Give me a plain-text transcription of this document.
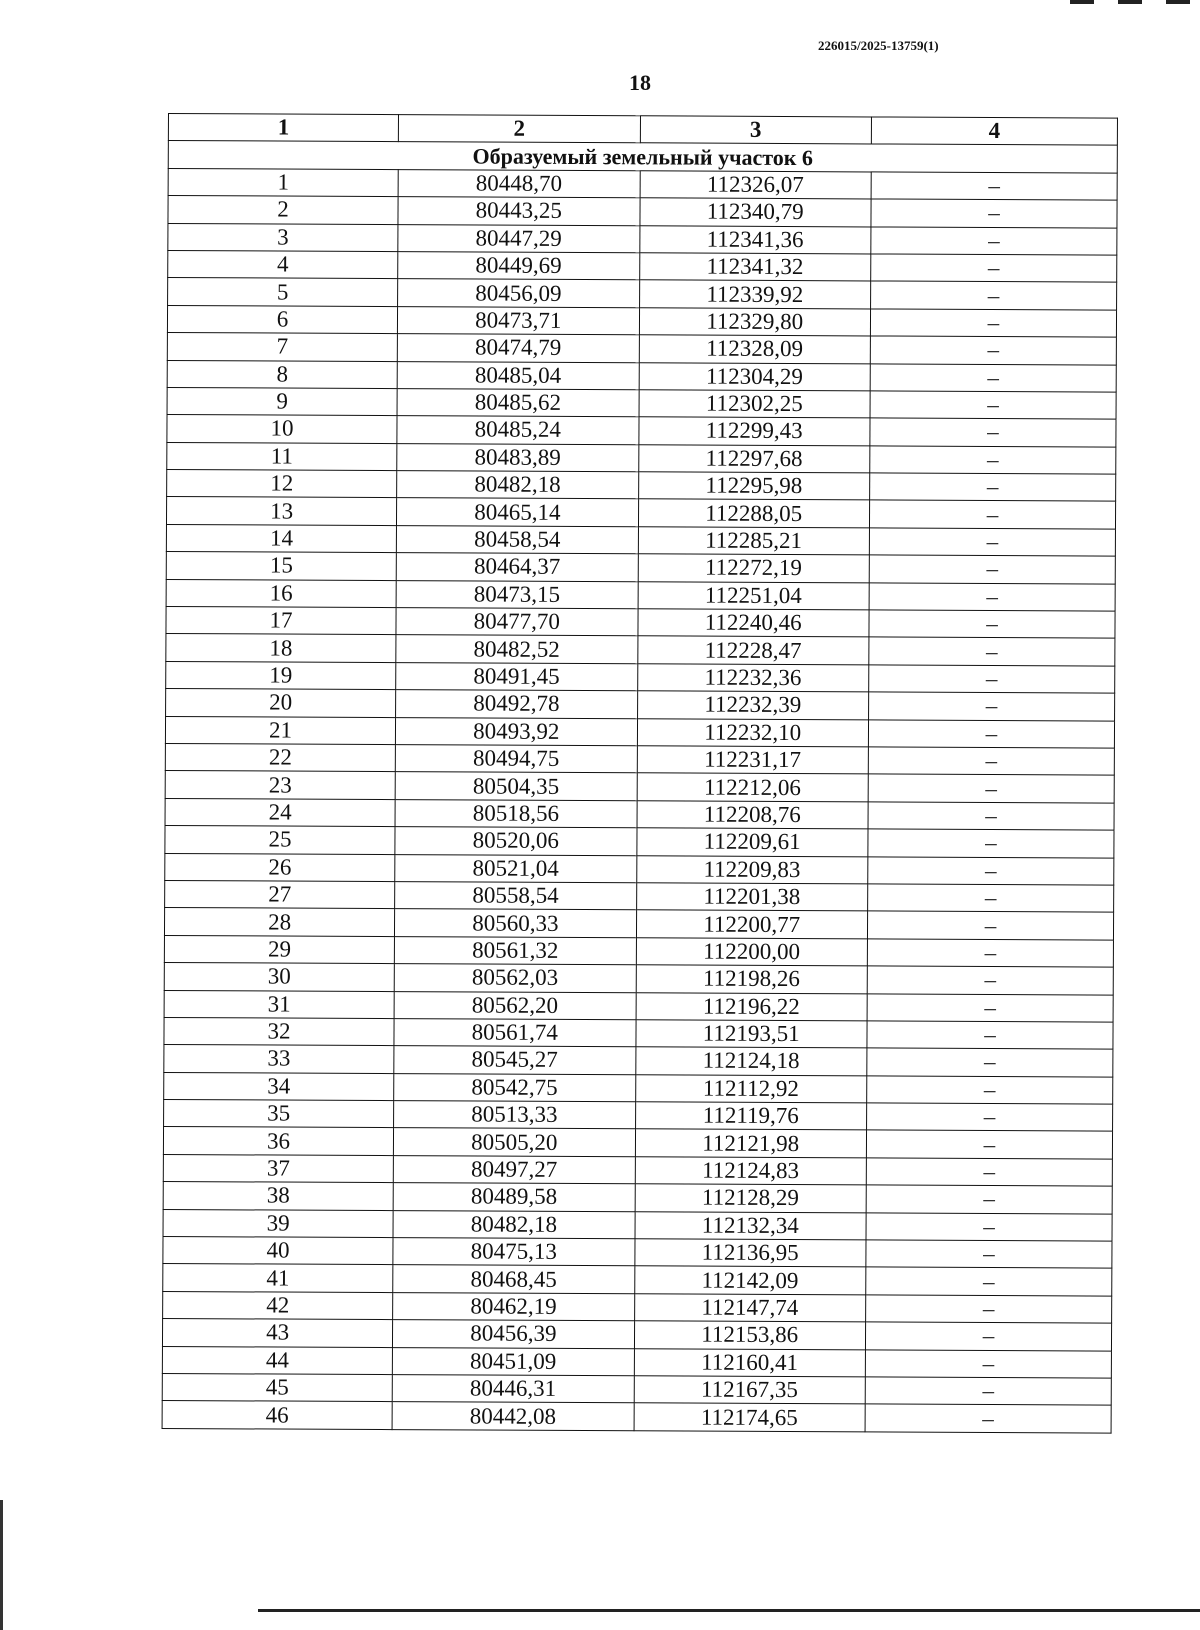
226015/2025-13759(1)
18
1	2	3	4
Образуемый земельный участок 6			
1	80448,70	112326,07	–
2	80443,25	112340,79	–
3	80447,29	112341,36	–
4	80449,69	112341,32	–
5	80456,09	112339,92	–
6	80473,71	112329,80	–
7	80474,79	112328,09	–
8	80485,04	112304,29	–
9	80485,62	112302,25	–
10	80485,24	112299,43	–
11	80483,89	112297,68	–
12	80482,18	112295,98	–
13	80465,14	112288,05	–
14	80458,54	112285,21	–
15	80464,37	112272,19	–
16	80473,15	112251,04	–
17	80477,70	112240,46	–
18	80482,52	112228,47	–
19	80491,45	112232,36	–
20	80492,78	112232,39	–
21	80493,92	112232,10	–
22	80494,75	112231,17	–
23	80504,35	112212,06	–
24	80518,56	112208,76	–
25	80520,06	112209,61	–
26	80521,04	112209,83	–
27	80558,54	112201,38	–
28	80560,33	112200,77	–
29	80561,32	112200,00	–
30	80562,03	112198,26	–
31	80562,20	112196,22	–
32	80561,74	112193,51	–
33	80545,27	112124,18	–
34	80542,75	112112,92	–
35	80513,33	112119,76	–
36	80505,20	112121,98	–
37	80497,27	112124,83	–
38	80489,58	112128,29	–
39	80482,18	112132,34	–
40	80475,13	112136,95	–
41	80468,45	112142,09	–
42	80462,19	112147,74	–
43	80456,39	112153,86	–
44	80451,09	112160,41	–
45	80446,31	112167,35	–
46	80442,08	112174,65	–
